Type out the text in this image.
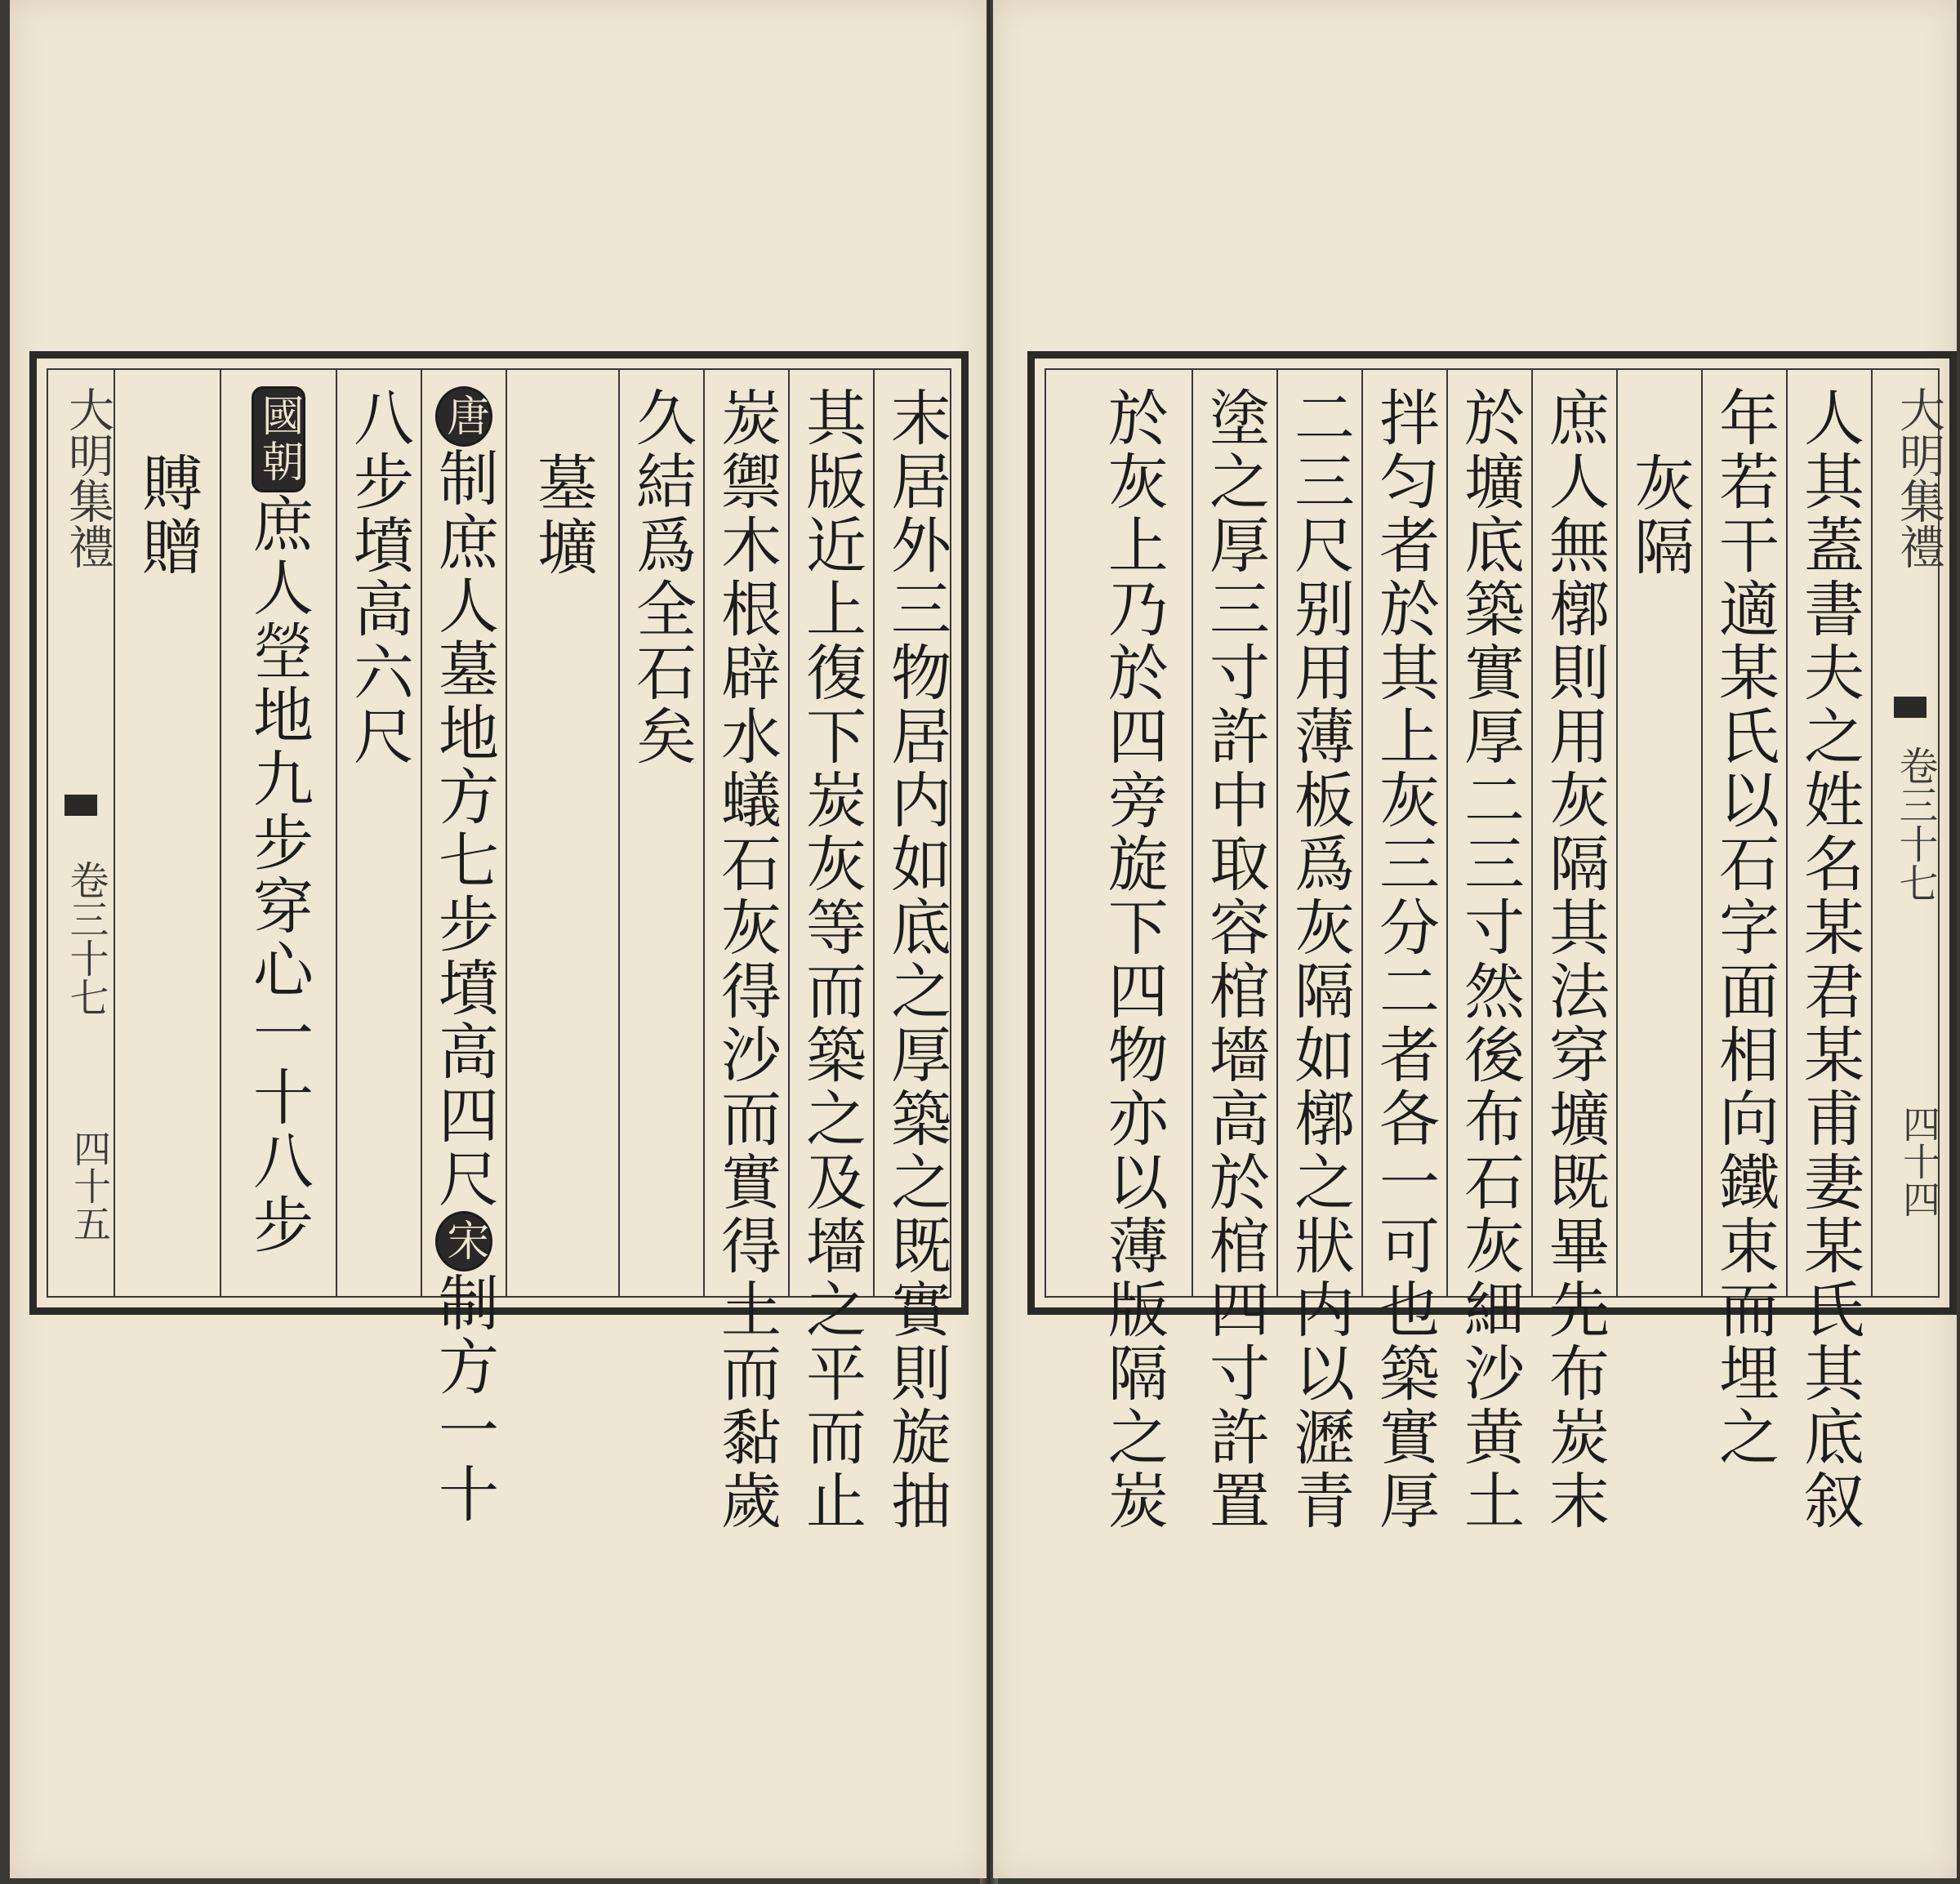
末居外三物居内如底之厚築之既實則旋抽
其版近上復下炭灰等而築之及墻之平而止
炭禦木根辟水蟻石灰得沙而實得土而黏歲
久結爲全石矣
墓壙
唐制庶人墓地方七步墳高四尺宋制方一十
八步墳高六尺
國朝庶人塋地九步穿心一十八步
賻贈
大明集禮
卷三十七
四十五
大明集禮
卷三十七
四十四
人其蓋書夫之姓名某君某甫妻某氏其底叙
年若干適某氏以石字面相向鐵束而埋之
灰隔
庶人無槨則用灰隔其法穿壙既畢先布炭末
於壙底築實厚二三寸然後布石灰細沙黄土
拌匀者於其上灰三分二者各一可也築實厚
二三尺别用薄板爲灰隔如槨之狀内以瀝青
塗之厚三寸許中取容棺墻高於棺四寸許置
於灰上乃於四旁旋下四物亦以薄版隔之炭
